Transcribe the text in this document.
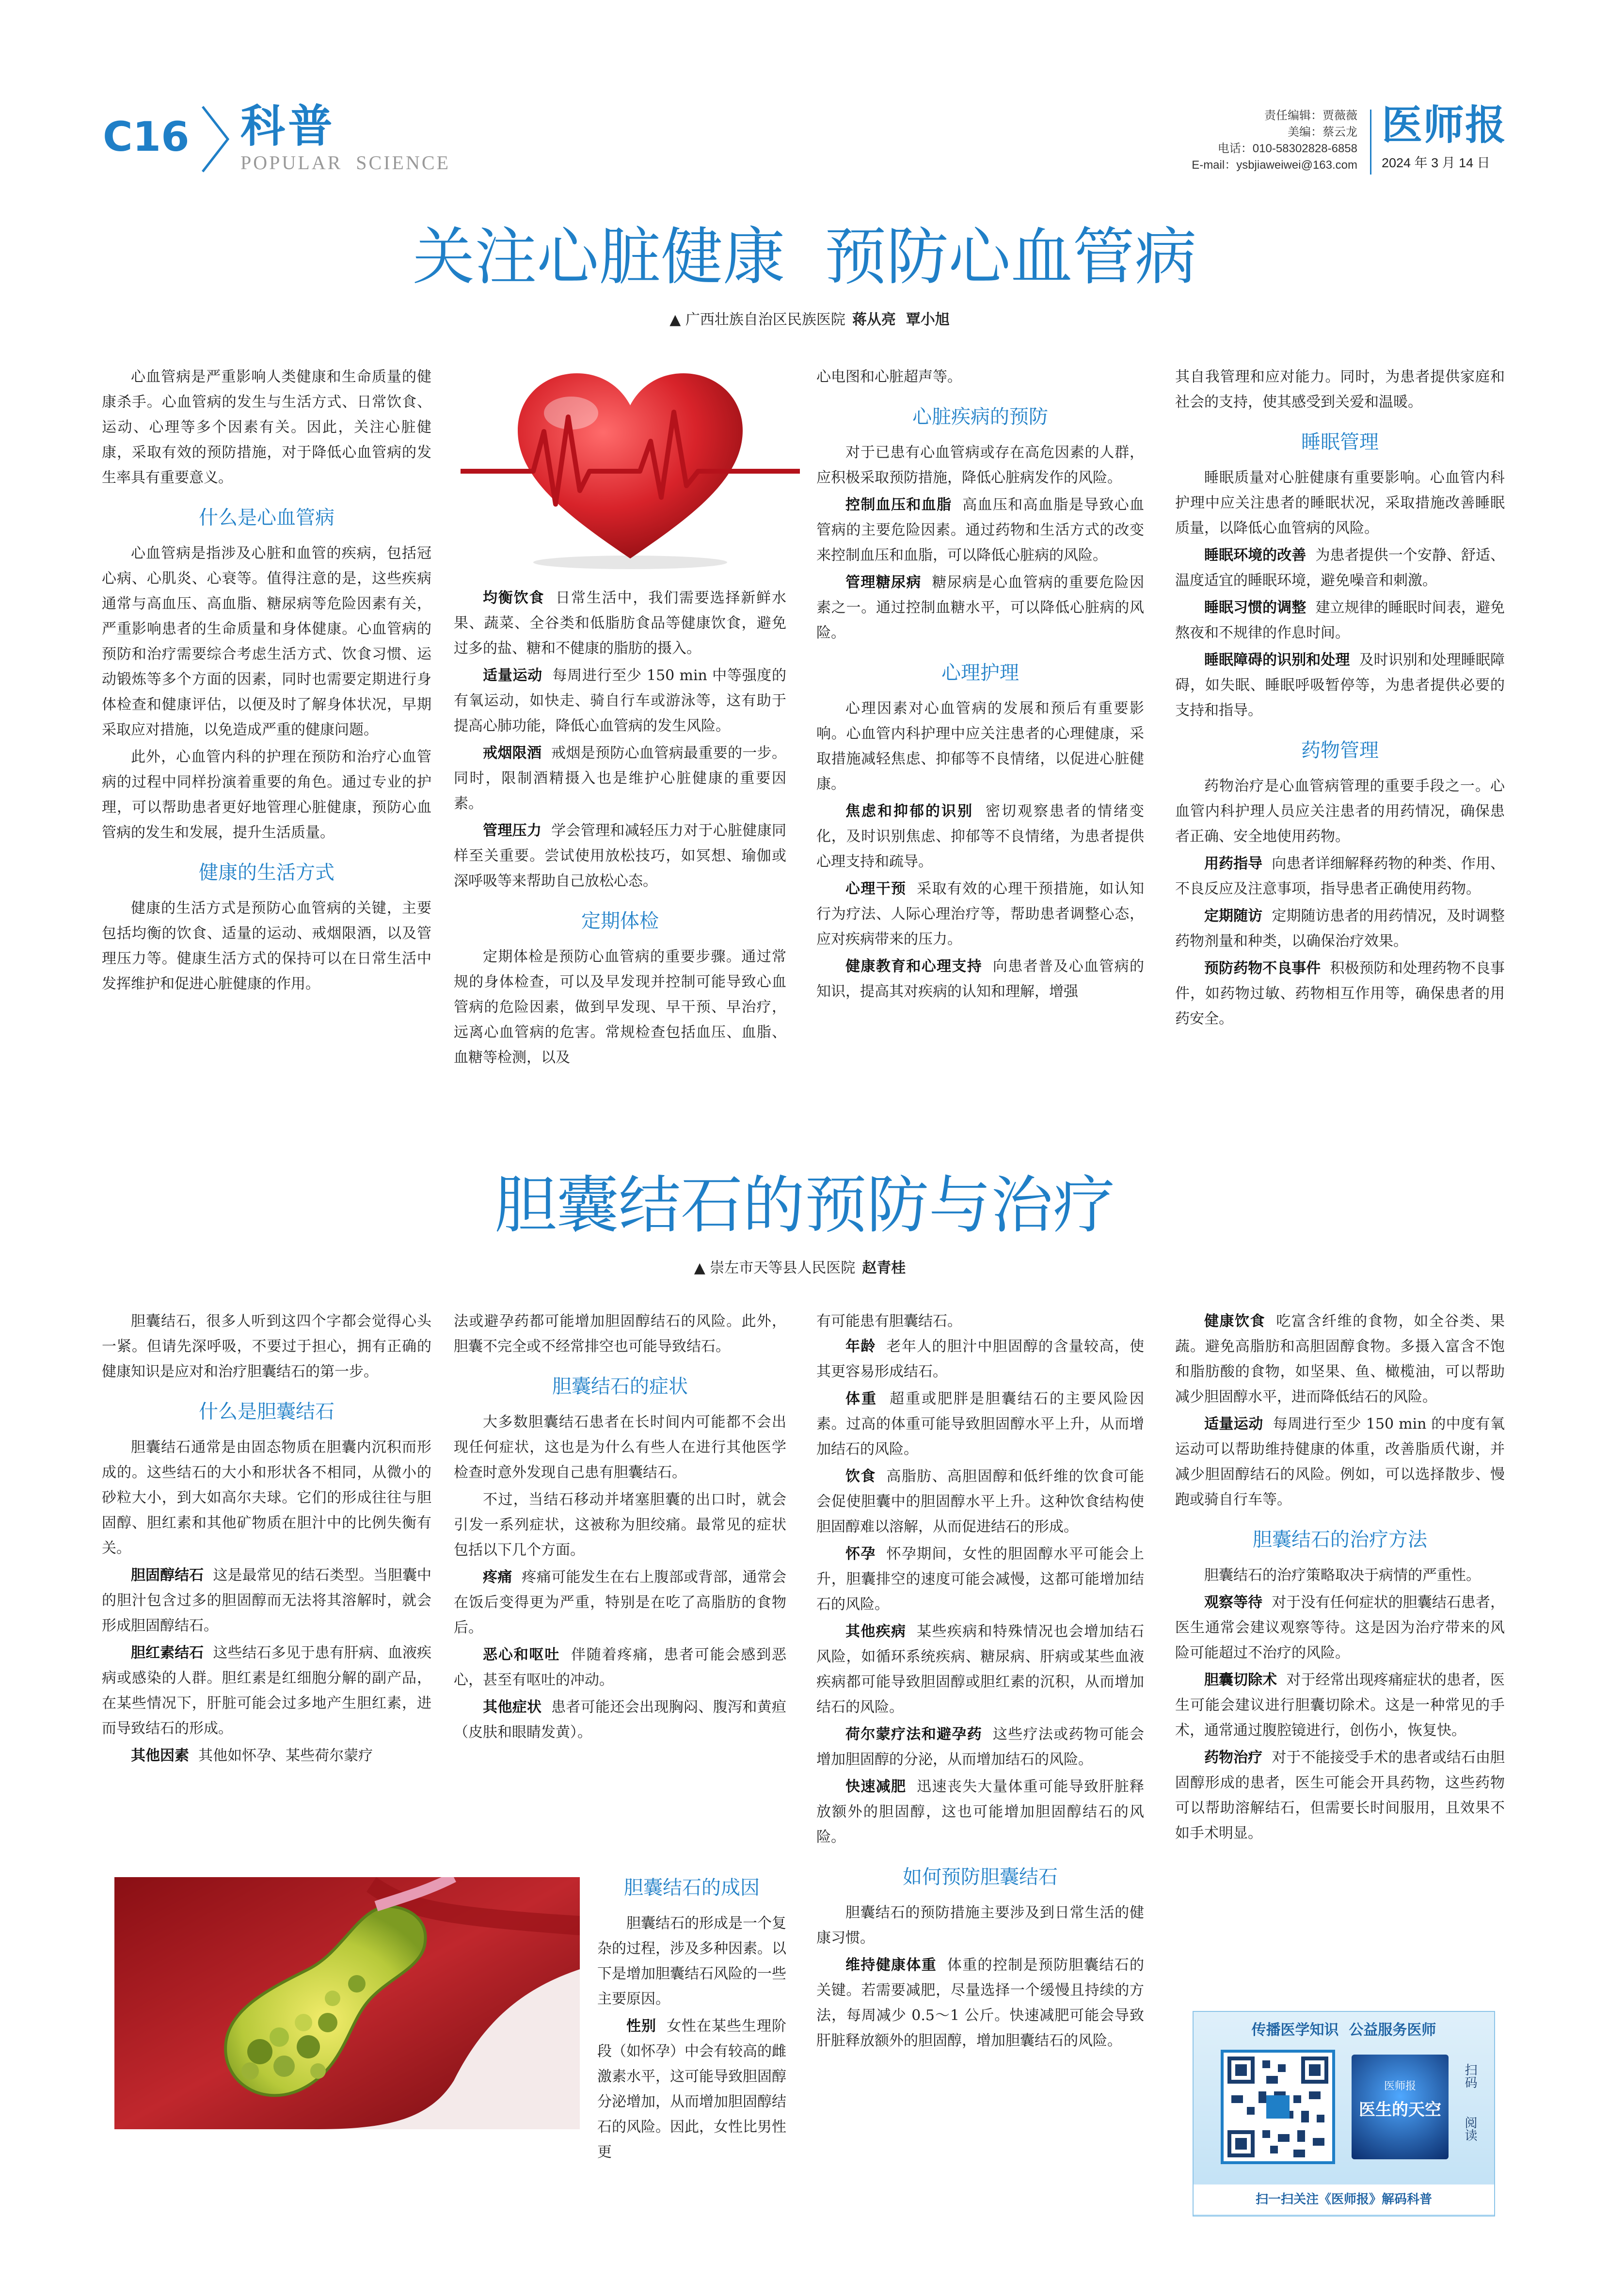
C16 科普
POPULAR  SCIENCE
责任编辑：贾薇薇
美编：蔡云龙
电话：010-58302828-6858
E-mail：ysbjiaweiwei@163.com
医师报
2024 年 3 月 14 日
关注心脏健康  预防心血管病
▲ 广西壮族自治区民族医院 蒋从亮  覃小旭

心血管病是严重影响人类健康和生命质量的健康杀手。心血管病的发生与生活方式、日常饮食、运动、心理等多个因素有关。因此，关注心脏健康，采取有效的预防措施，对于降低心血管病的发生率具有重要意义。

什么是心血管病

心血管病是指涉及心脏和血管的疾病，包括冠心病、心肌炎、心衰等。值得注意的是，这些疾病通常与高血压、高血脂、糖尿病等危险因素有关，严重影响患者的生命质量和身体健康。心血管病的预防和治疗需要综合考虑生活方式、饮食习惯、运动锻炼等多个方面的因素，同时也需要定期进行身体检查和健康评估，以便及时了解身体状况，早期采取应对措施，以免造成严重的健康问题。

此外，心血管内科的护理在预防和治疗心血管病的过程中同样扮演着重要的角色。通过专业的护理，可以帮助患者更好地管理心脏健康，预防心血管病的发生和发展，提升生活质量。

健康的生活方式

健康的生活方式是预防心血管病的关键，主要包括均衡的饮食、适量的运动、戒烟限酒，以及管理压力等。健康生活方式的保持可以在日常生活中发挥维护和促进心脏健康的作用。

均衡饮食 日常生活中，我们需要选择新鲜水果、蔬菜、全谷类和低脂肪食品等健康饮食，避免过多的盐、糖和不健康的脂肪的摄入。

适量运动 每周进行至少 150 min 中等强度的有氧运动，如快走、骑自行车或游泳等，这有助于提高心肺功能，降低心血管病的发生风险。

戒烟限酒 戒烟是预防心血管病最重要的一步。同时，限制酒精摄入也是维护心脏健康的重要因素。

管理压力 学会管理和减轻压力对于心脏健康同样至关重要。尝试使用放松技巧，如冥想、瑜伽或深呼吸等来帮助自己放松心态。

定期体检

定期体检是预防心血管病的重要步骤。通过常规的身体检查，可以及早发现并控制可能导致心血管病的危险因素，做到早发现、早干预、早治疗，远离心血管病的危害。常规检查包括血压、血脂、血糖等检测，以及

心电图和心脏超声等。
心脏疾病的预防

对于已患有心血管病或存在高危因素的人群，应积极采取预防措施，降低心脏病发作的风险。

控制血压和血脂 高血压和高血脂是导致心血管病的主要危险因素。通过药物和生活方式的改变来控制血压和血脂，可以降低心脏病的风险。

管理糖尿病 糖尿病是心血管病的重要危险因素之一。通过控制血糖水平，可以降低心脏病的风险。

心理护理

心理因素对心血管病的发展和预后有重要影响。心血管内科护理中应关注患者的心理健康，采取措施减轻焦虑、抑郁等不良情绪，以促进心脏健康。

焦虑和抑郁的识别 密切观察患者的情绪变化，及时识别焦虑、抑郁等不良情绪，为患者提供心理支持和疏导。

心理干预 采取有效的心理干预措施，如认知行为疗法、人际心理治疗等，帮助患者调整心态，应对疾病带来的压力。

健康教育和心理支持 向患者普及心血管病的知识，提高其对疾病的认知和理解，增强

其自我管理和应对能力。同时，为患者提供家庭和社会的支持，使其感受到关爱和温暖。
睡眠管理

睡眠质量对心脏健康有重要影响。心血管内科护理中应关注患者的睡眠状况，采取措施改善睡眠质量，以降低心血管病的风险。

睡眠环境的改善 为患者提供一个安静、舒适、温度适宜的睡眠环境，避免噪音和刺激。

睡眠习惯的调整 建立规律的睡眠时间表，避免熬夜和不规律的作息时间。

睡眠障碍的识别和处理 及时识别和处理睡眠障碍，如失眠、睡眠呼吸暂停等，为患者提供必要的支持和指导。

药物管理

药物治疗是心血管病管理的重要手段之一。心血管内科护理人员应关注患者的用药情况，确保患者正确、安全地使用药物。

用药指导 向患者详细解释药物的种类、作用、不良反应及注意事项，指导患者正确使用药物。

定期随访 定期随访患者的用药情况，及时调整药物剂量和种类，以确保治疗效果。

预防药物不良事件 积极预防和处理药物不良事件，如药物过敏、药物相互作用等，确保患者的用药安全。

胆囊结石的预防与治疗
▲ 崇左市天等县人民医院 赵青桂

胆囊结石，很多人听到这四个字都会觉得心头一紧。但请先深呼吸，不要过于担心，拥有正确的健康知识是应对和治疗胆囊结石的第一步。

什么是胆囊结石

胆囊结石通常是由固态物质在胆囊内沉积而形成的。这些结石的大小和形状各不相同，从微小的砂粒大小，到大如高尔夫球。它们的形成往往与胆固醇、胆红素和其他矿物质在胆汁中的比例失衡有关。

胆固醇结石 这是最常见的结石类型。当胆囊中的胆汁包含过多的胆固醇而无法将其溶解时，就会形成胆固醇结石。

胆红素结石 这些结石多见于患有肝病、血液疾病或感染的人群。胆红素是红细胞分解的副产品，在某些情况下，肝脏可能会过多地产生胆红素，进而导致结石的形成。

其他因素 其他如怀孕、某些荷尔蒙疗

法或避孕药都可能增加胆固醇结石的风险。此外，胆囊不完全或不经常排空也可能导致结石。
胆囊结石的症状

大多数胆囊结石患者在长时间内可能都不会出现任何症状，这也是为什么有些人在进行其他医学检查时意外发现自己患有胆囊结石。

不过，当结石移动并堵塞胆囊的出口时，就会引发一系列症状，这被称为胆绞痛。最常见的症状包括以下几个方面。

疼痛 疼痛可能发生在右上腹部或背部，通常会在饭后变得更为严重，特别是在吃了高脂肪的食物后。

恶心和呕吐 伴随着疼痛，患者可能会感到恶心，甚至有呕吐的冲动。

其他症状 患者可能还会出现胸闷、腹泻和黄疸（皮肤和眼睛发黄）。

胆囊结石的成因

胆囊结石的形成是一个复杂的过程，涉及多种因素。以下是增加胆囊结石风险的一些主要原因。

性别 女性在某些生理阶段（如怀孕）中会有较高的雌激素水平，这可能导致胆固醇分泌增加，从而增加胆固醇结石的风险。因此，女性比男性更

有可能患有胆囊结石。

年龄 老年人的胆汁中胆固醇的含量较高，使其更容易形成结石。

体重 超重或肥胖是胆囊结石的主要风险因素。过高的体重可能导致胆固醇水平上升，从而增加结石的风险。

饮食 高脂肪、高胆固醇和低纤维的饮食可能会促使胆囊中的胆固醇水平上升。这种饮食结构使胆固醇难以溶解，从而促进结石的形成。

怀孕 怀孕期间，女性的胆固醇水平可能会上升，胆囊排空的速度可能会减慢，这都可能增加结石的风险。

其他疾病 某些疾病和特殊情况也会增加结石风险，如循环系统疾病、糖尿病、肝病或某些血液疾病都可能导致胆固醇或胆红素的沉积，从而增加结石的风险。

荷尔蒙疗法和避孕药 这些疗法或药物可能会增加胆固醇的分泌，从而增加结石的风险。

快速减肥 迅速丧失大量体重可能导致肝脏释放额外的胆固醇，这也可能增加胆固醇结石的风险。

如何预防胆囊结石

胆囊结石的预防措施主要涉及到日常生活的健康习惯。

维持健康体重 体重的控制是预防胆囊结石的关键。若需要减肥，尽量选择一个缓慢且持续的方法，每周减少 0.5～1 公斤。快速减肥可能会导致肝脏释放额外的胆固醇，增加胆囊结石的风险。

健康饮食 吃富含纤维的食物，如全谷类、果蔬。避免高脂肪和高胆固醇食物。多摄入富含不饱和脂肪酸的食物，如坚果、鱼、橄榄油，可以帮助减少胆固醇水平，进而降低结石的风险。

适量运动 每周进行至少 150 min 的中度有氧运动可以帮助维持健康的体重，改善脂质代谢，并减少胆固醇结石的风险。例如，可以选择散步、慢跑或骑自行车等。

胆囊结石的治疗方法

胆囊结石的治疗策略取决于病情的严重性。

观察等待 对于没有任何症状的胆囊结石患者，医生通常会建议观察等待。这是因为治疗带来的风险可能超过不治疗的风险。

胆囊切除术 对于经常出现疼痛症状的患者，医生可能会建议进行胆囊切除术。这是一种常见的手术，通常通过腹腔镜进行，创伤小，恢复快。

药物治疗 对于不能接受手术的患者或结石由胆固醇形成的患者，医生可能会开具药物，这些药物可以帮助溶解结石，但需要长时间服用，且效果不如手术明显。

传播医学知识  公益服务医师
医师报
医生的天空
扫码 阅读
扫一扫关注《医师报》解码科普
